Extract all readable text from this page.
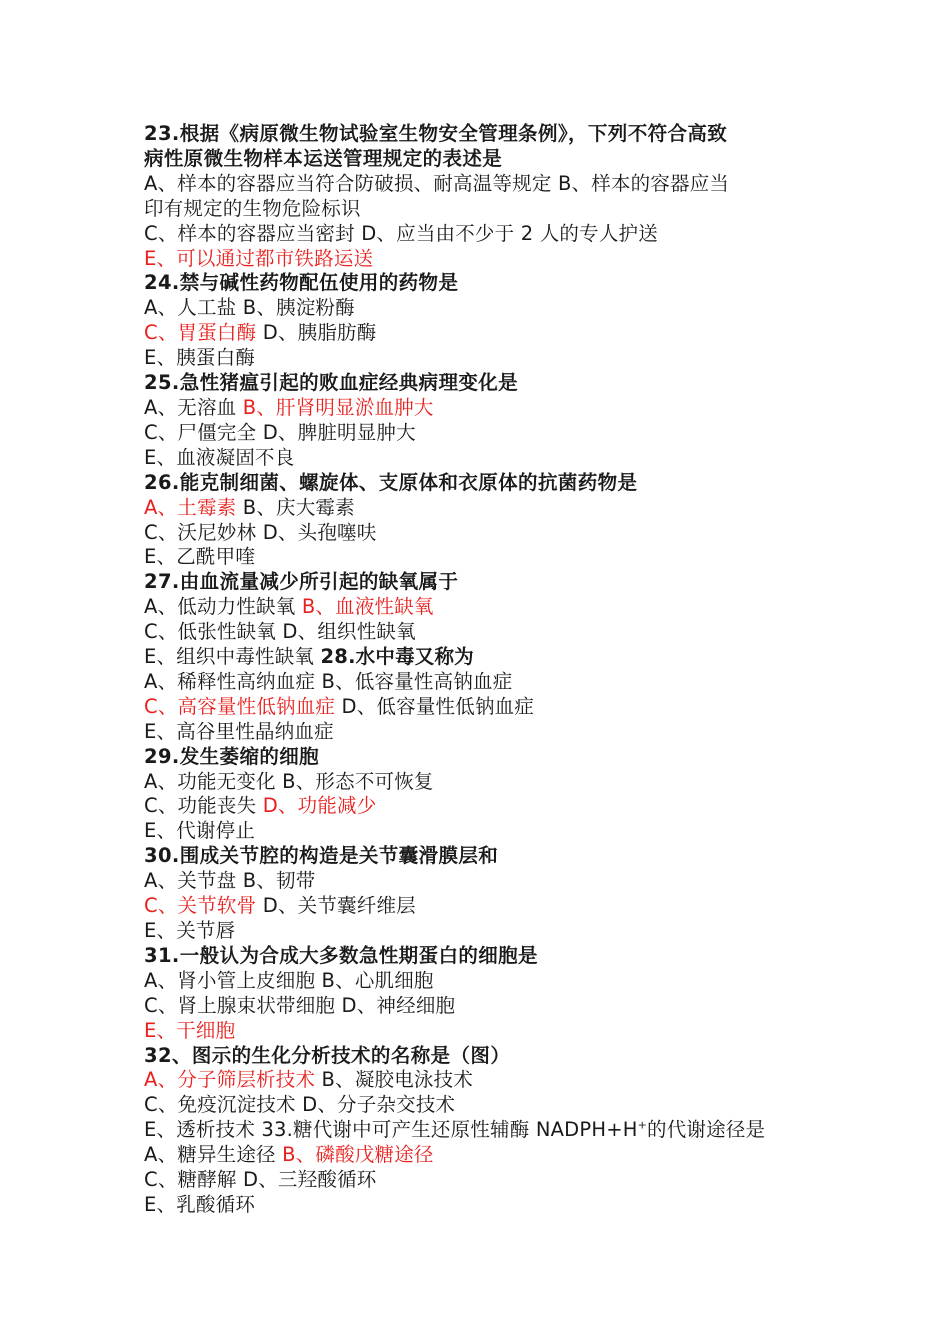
23.根据《病原微生物试验室生物安全管理条例》，下列不符合高致
病性原微生物样本运送管理规定的表述是
A、样本的容器应当符合防破损、耐高温等规定 B、样本的容器应当
印有规定的生物危险标识
C、样本的容器应当密封 D、应当由不少于 2 人的专人护送
E、可以通过都市铁路运送
24.禁与碱性药物配伍使用的药物是
A、人工盐 B、胰淀粉酶
C、胃蛋白酶 D、胰脂肪酶
E、胰蛋白酶
25.急性猪瘟引起的败血症经典病理变化是
A、无溶血 B、肝肾明显淤血肿大
C、尸僵完全 D、脾脏明显肿大
E、血液凝固不良
26.能克制细菌、螺旋体、支原体和衣原体的抗菌药物是
A、土霉素 B、庆大霉素
C、沃尼妙林 D、头孢噻呋
E、乙酰甲喹
27.由血流量减少所引起的缺氧属于
A、低动力性缺氧 B、血液性缺氧
C、低张性缺氧 D、组织性缺氧
E、组织中毒性缺氧 28.水中毒又称为
A、稀释性高纳血症 B、低容量性高钠血症
C、高容量性低钠血症 D、低容量性低钠血症
E、高谷里性晶纳血症
29.发生萎缩的细胞
A、功能无变化 B、形态不可恢复
C、功能丧失 D、功能减少
E、代谢停止
30.围成关节腔的构造是关节囊滑膜层和
A、关节盘 B、韧带
C、关节软骨 D、关节囊纤维层
E、关节唇
31.一般认为合成大多数急性期蛋白的细胞是
A、肾小管上皮细胞 B、心肌细胞
C、肾上腺束状带细胞 D、神经细胞
E、干细胞
32、图示的生化分析技术的名称是（图）
A、分子筛层析技术 B、凝胶电泳技术
C、免疫沉淀技术 D、分子杂交技术
E、透析技术 33.糖代谢中可产生还原性辅酶 NADPH+H+的代谢途径是
A、糖异生途径 B、磷酸戊糖途径
C、糖酵解 D、三羟酸循环
E、乳酸循环
